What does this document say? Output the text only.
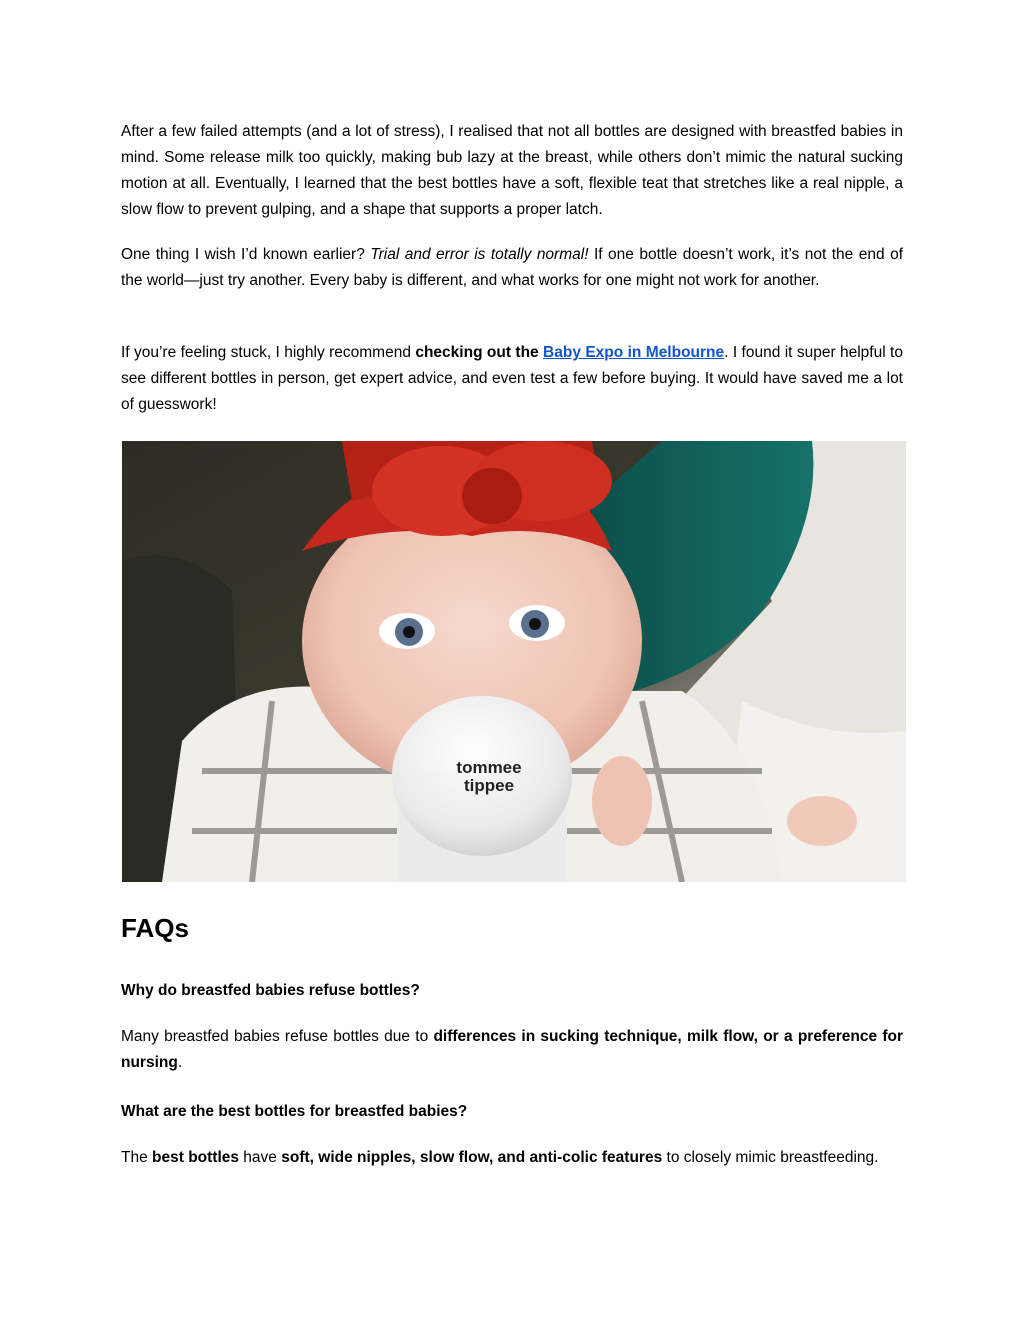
After a few failed attempts (and a lot of stress), I realised that not all bottles are designed with breastfed babies in mind. Some release milk too quickly, making bub lazy at the breast, while others don’t mimic the natural sucking motion at all. Eventually, I learned that the best bottles have a soft, flexible teat that stretches like a real nipple, a slow flow to prevent gulping, and a shape that supports a proper latch.

One thing I wish I’d known earlier? Trial and error is totally normal! If one bottle doesn’t work, it’s not the end of the world—just try another. Every baby is different, and what works for one might not work for another.

If you’re feeling stuck, I highly recommend checking out the Baby Expo in Melbourne. I found it super helpful to see different bottles in person, get expert advice, and even test a few before buying. It would have saved me a lot of guesswork!

tommee
tippee
FAQs

Why do breastfed babies refuse bottles?

Many breastfed babies refuse bottles due to differences in sucking technique, milk flow, or a preference for nursing.

What are the best bottles for breastfed babies?

The best bottles have soft, wide nipples, slow flow, and anti-colic features to closely mimic breastfeeding.
